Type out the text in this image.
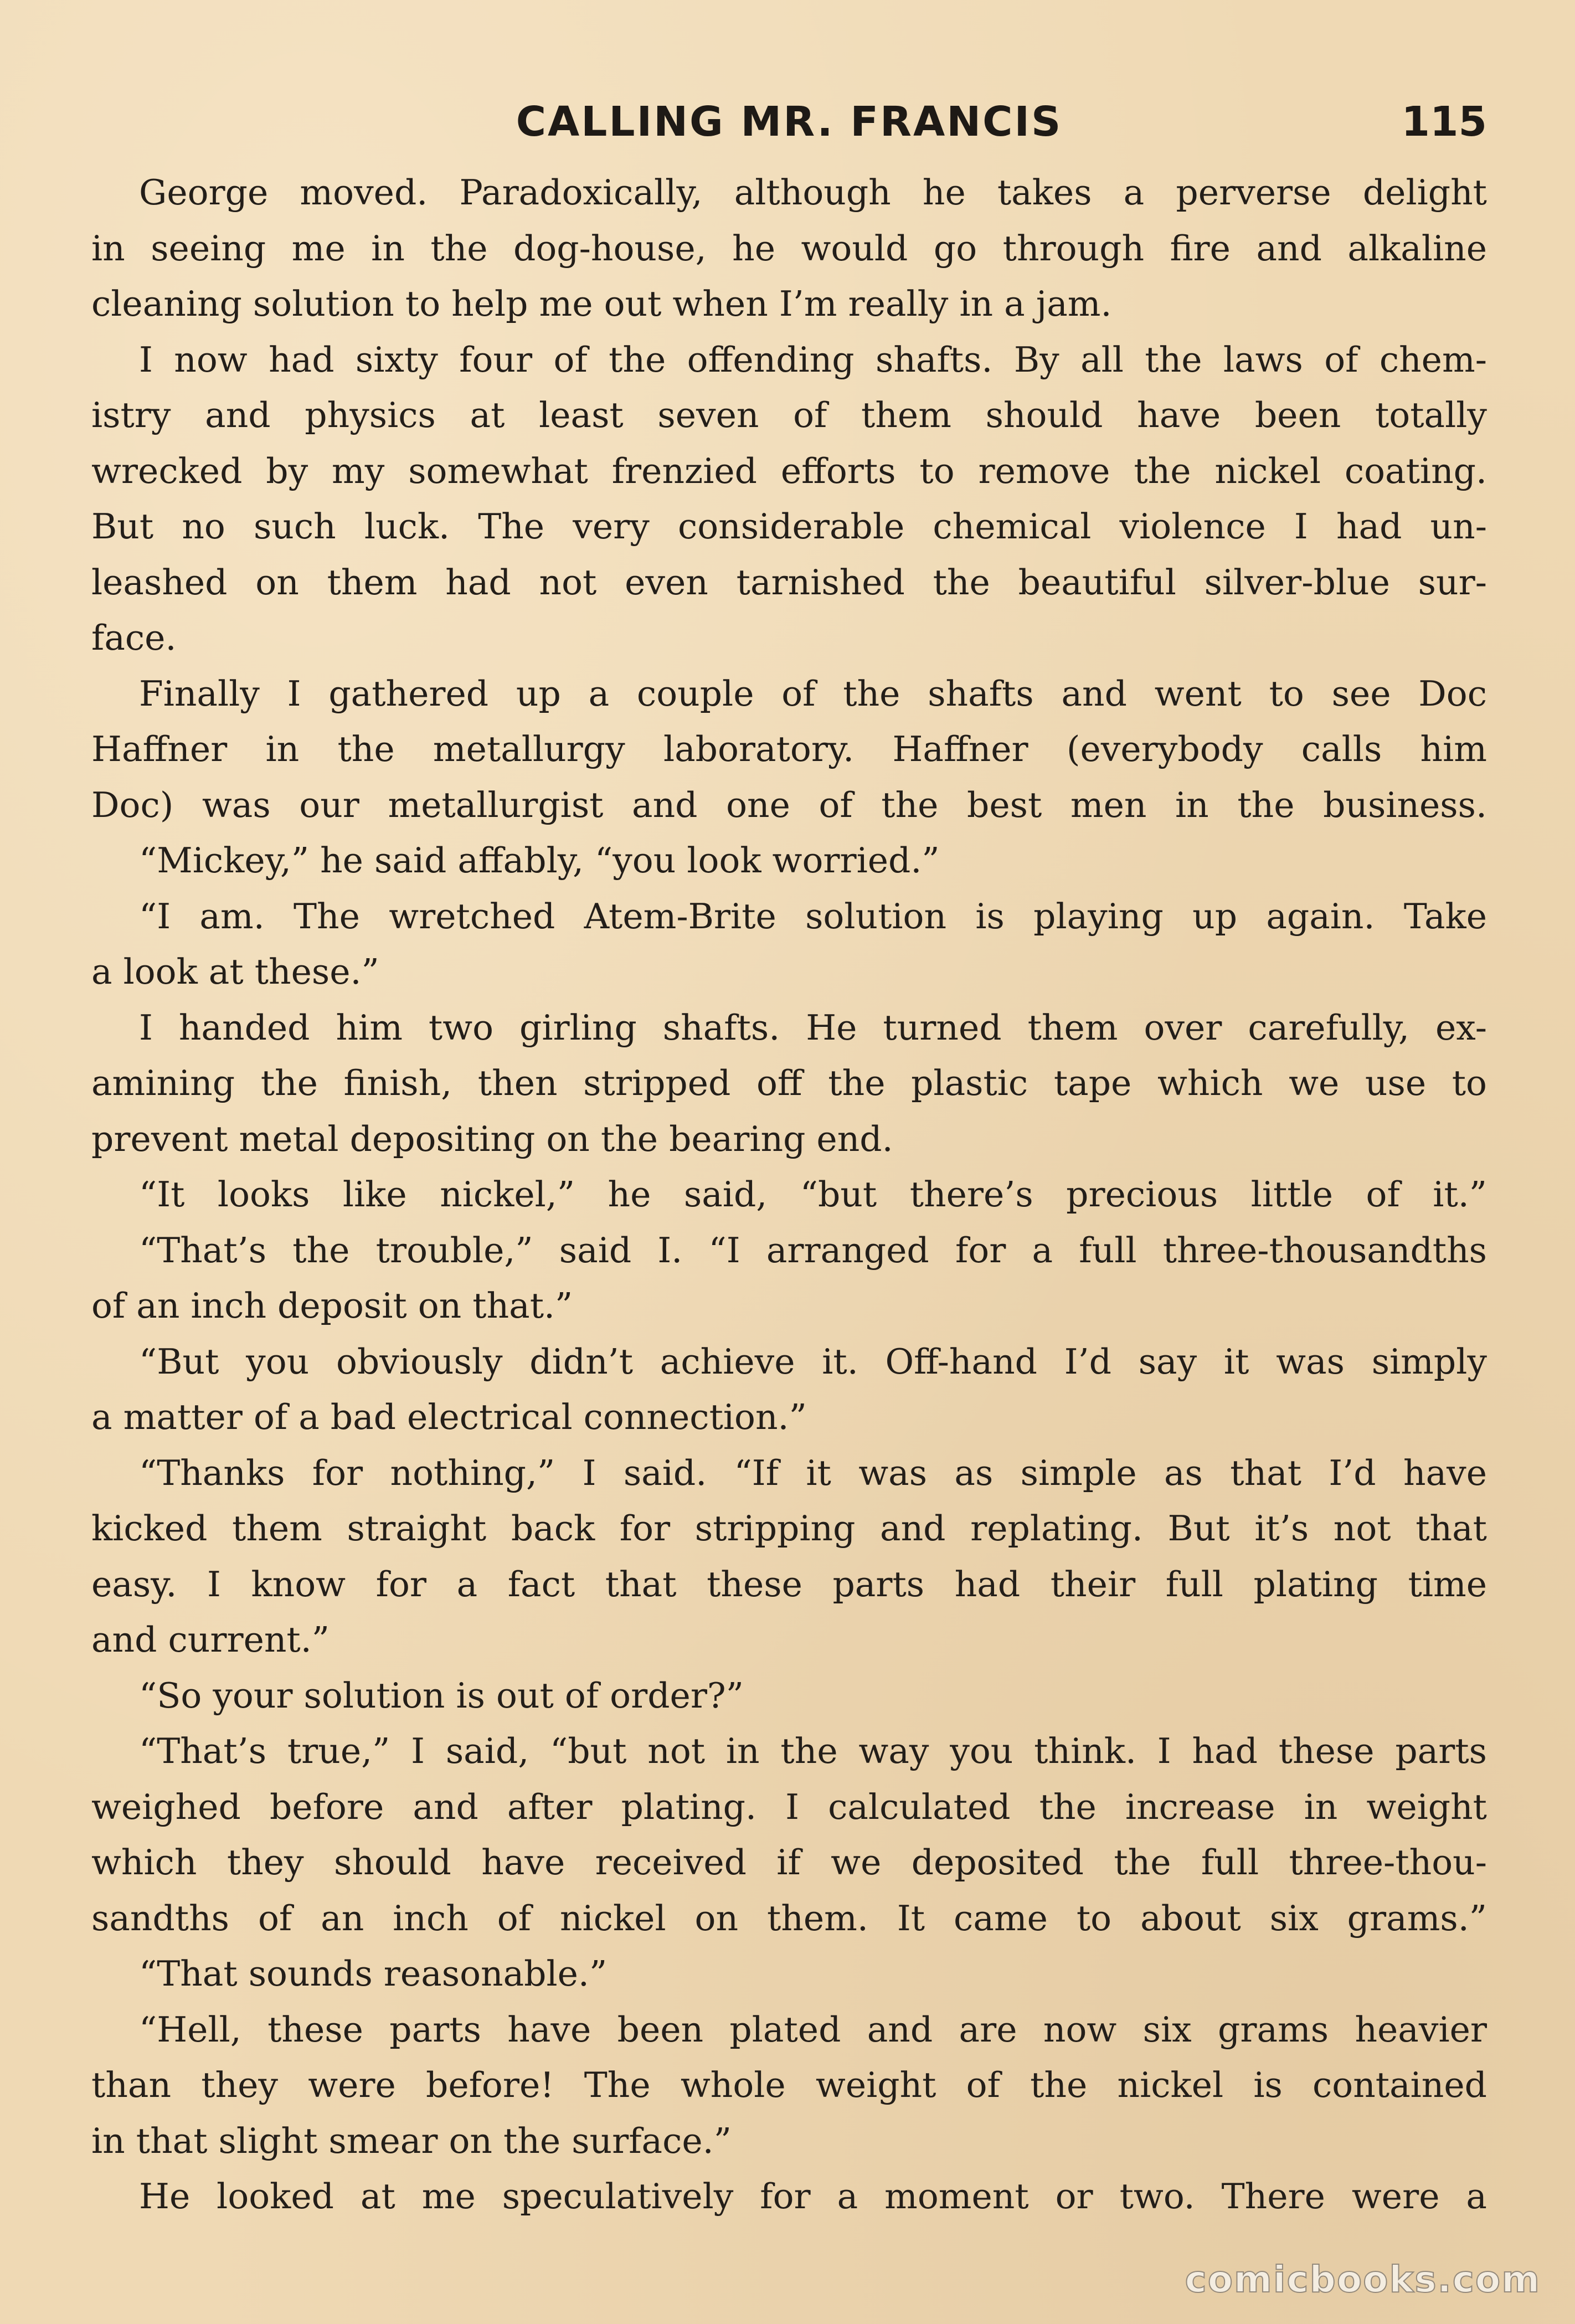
CALLING MR. FRANCIS	115
George moved. Paradoxically, although he takes a perverse delight
in seeing me in the dog-house, he would go through fire and alkaline
cleaning solution to help me out when I’m really in a jam.
I now had sixty four of the offending shafts. By all the laws of chem-
istry and physics at least seven of them should have been totally
wrecked by my somewhat frenzied efforts to remove the nickel coating.
But no such luck. The very considerable chemical violence I had un-
leashed on them had not even tarnished the beautiful silver-blue sur-
face.
Finally I gathered up a couple of the shafts and went to see Doc
Haffner in the metallurgy laboratory. Haffner (everybody calls him
Doc) was our metallurgist and one of the best men in the business.
“Mickey,” he said affably, “you look worried.”
“I am. The wretched Atem-Brite solution is playing up again. Take
a look at these.”
I handed him two girling shafts. He turned them over carefully, ex-
amining the finish, then stripped off the plastic tape which we use to
prevent metal depositing on the bearing end.
“It looks like nickel,” he said, “but there’s precious little of it.”
“That’s the trouble,” said I. “I arranged for a full three-thousandths
of an inch deposit on that.”
“But you obviously didn’t achieve it. Off-hand I’d say it was simply
a matter of a bad electrical connection.”
“Thanks for nothing,” I said. “If it was as simple as that I’d have
kicked them straight back for stripping and replating. But it’s not that
easy. I know for a fact that these parts had their full plating time
and current.”
“So your solution is out of order?”
“That’s true,” I said, “but not in the way you think. I had these parts
weighed before and after plating. I calculated the increase in weight
which they should have received if we deposited the full three-thou-
sandths of an inch of nickel on them. It came to about six grams.”
“That sounds reasonable.”
“Hell, these parts have been plated and are now six grams heavier
than they were before! The whole weight of the nickel is contained
in that slight smear on the surface.”
He looked at me speculatively for a moment or two. There were a
comicbooks.com
